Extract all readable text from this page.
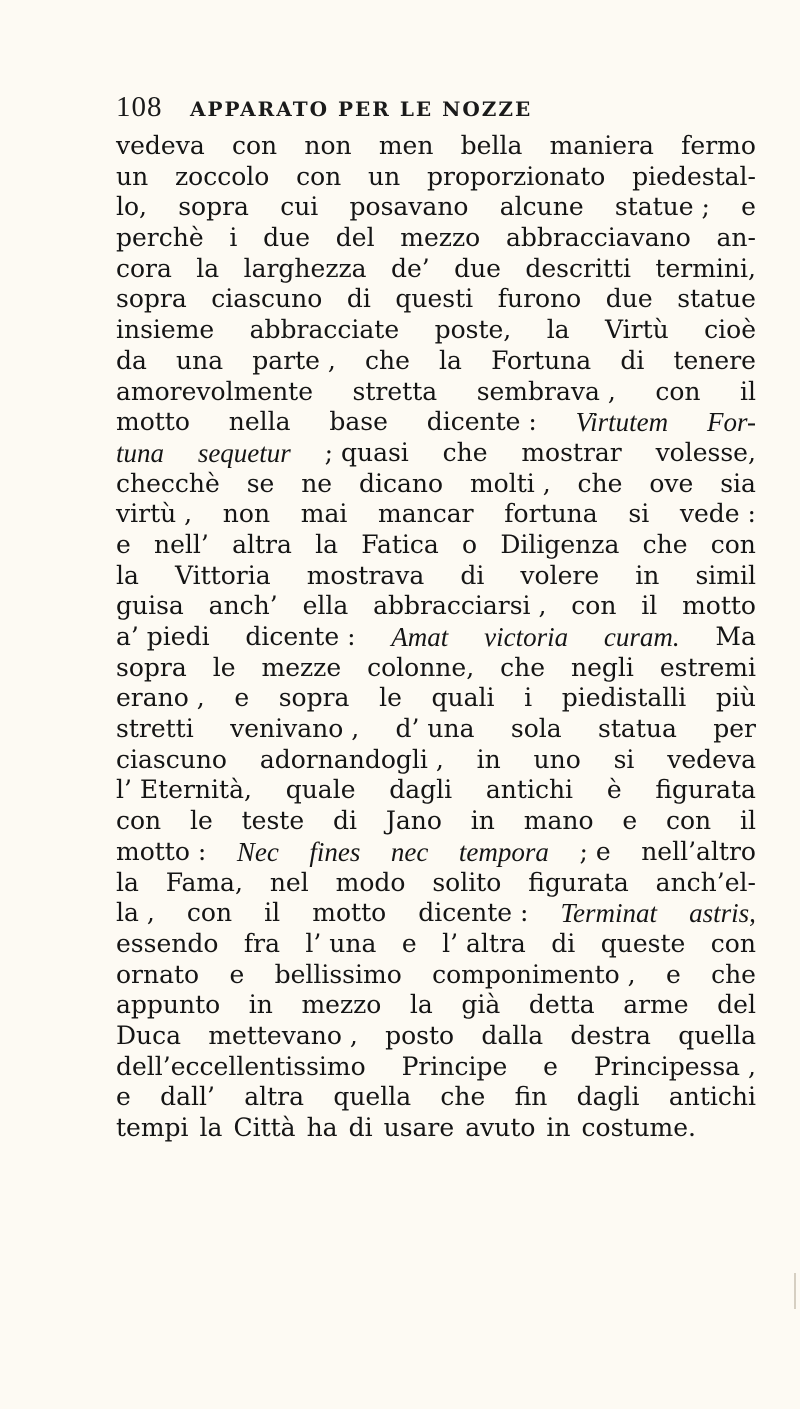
108 APPARATO PER LE NOZZE
vedeva con non men bella maniera fermo
un zoccolo con un proporzionato piedestal-
lo, sopra cui posavano alcune statue ; e
perchè i due del mezzo abbracciavano an-
cora la larghezza de’ due descritti termini,
sopra ciascuno di questi furono due statue
insieme abbracciate poste, la Virtù cioè
da una parte , che la Fortuna di tenere
amorevolmente stretta sembrava , con il
motto nella base dicente : Virtutem For-
tuna sequetur ; quasi che mostrar volesse,
checchè se ne dicano molti , che ove sia
virtù , non mai mancar fortuna si vede :
e nell’ altra la Fatica o Diligenza che con
la Vittoria mostrava di volere in simil
guisa anch’ ella abbracciarsi , con il motto
a’ piedi dicente : Amat victoria curam. Ma
sopra le mezze colonne, che negli estremi
erano , e sopra le quali i piedistalli più
stretti venivano , d’ una sola statua per
ciascuno adornandogli , in uno si vedeva
l’ Eternità, quale dagli antichi è figurata
con le teste di Jano in mano e con il
motto : Nec fines nec tempora ; e nell’altro
la Fama, nel modo solito figurata anch’el-
la , con il motto dicente : Terminat astris,
essendo fra l’ una e l’ altra di queste con
ornato e bellissimo componimento , e che
appunto in mezzo la già detta arme del
Duca mettevano , posto dalla destra quella
dell’eccellentissimo Principe e Principessa ,
e dall’ altra quella che fin dagli antichi
tempi la Città ha di usare avuto in costume.
